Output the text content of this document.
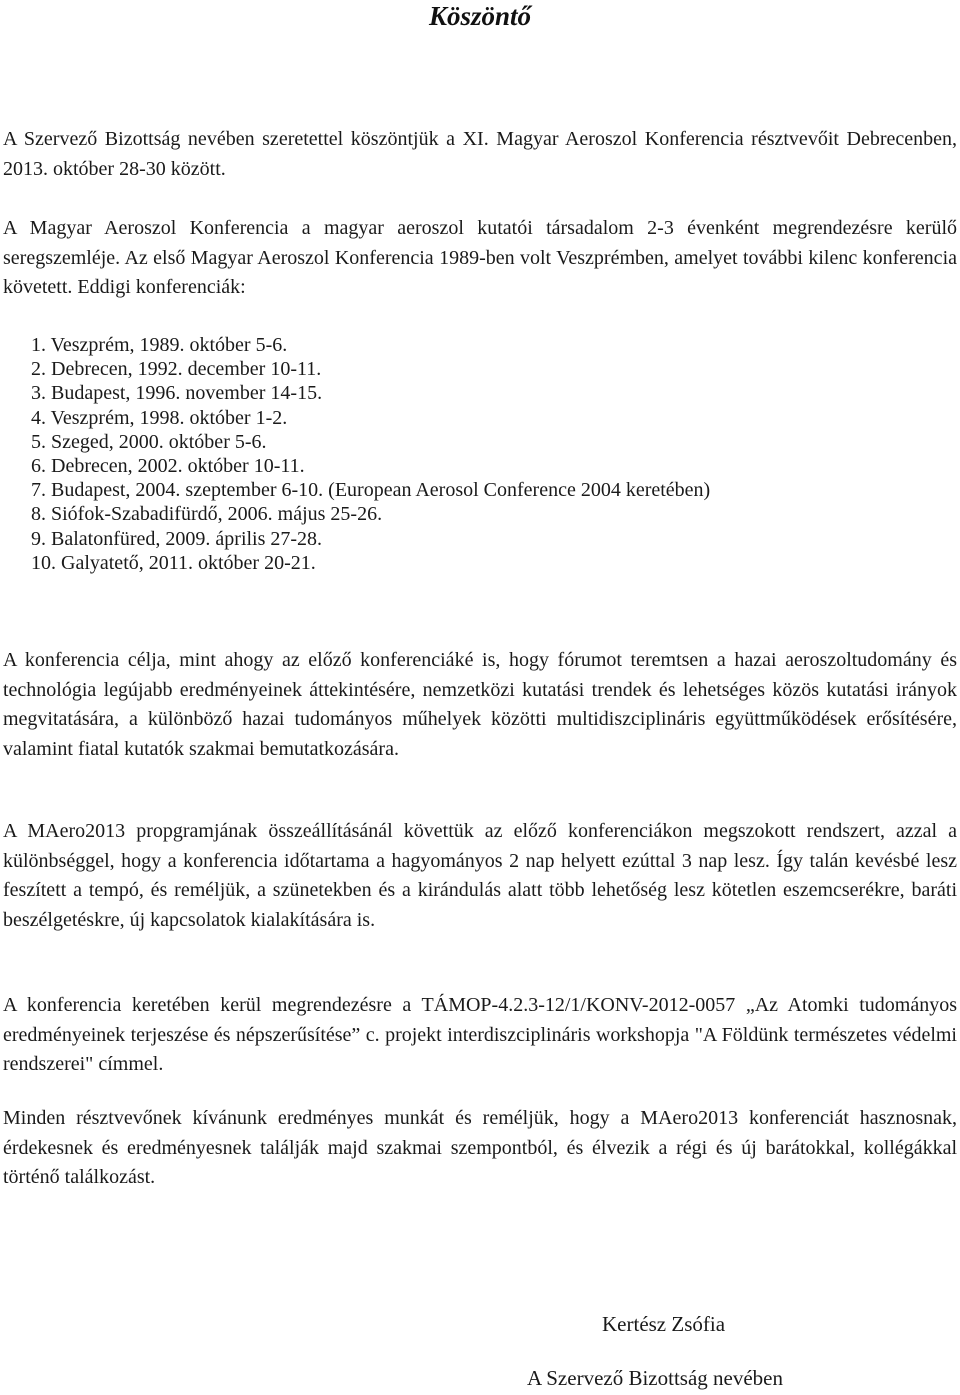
Köszöntő

A Szervező Bizottság nevében szeretettel köszöntjük a XI. Magyar Aeroszol Konferencia résztvevőit Debrecenben, 2013. október 28-30 között.

A Magyar Aeroszol Konferencia a magyar aeroszol kutatói társadalom 2-3 évenként megrendezésre kerülő seregszemléje. Az első Magyar Aeroszol Konferencia 1989-ben volt Veszprémben, amelyet további kilenc konferencia követett. Eddigi konferenciák:

1. Veszprém, 1989. október 5-6.
2. Debrecen, 1992. december 10-11.
3. Budapest, 1996. november 14-15.
4. Veszprém, 1998. október 1-2.
5. Szeged, 2000. október 5-6.
6. Debrecen, 2002. október 10-11.
7. Budapest, 2004. szeptember 6-10. (European Aerosol Conference 2004 keretében)
8. Siófok-Szabadifürdő, 2006. május 25-26.
9. Balatonfüred, 2009. április 27-28.
10. Galyatető, 2011. október 20-21.

A konferencia célja, mint ahogy az előző konferenciáké is, hogy fórumot teremtsen a hazai aeroszoltudomány és technológia legújabb eredményeinek áttekintésére, nemzetközi kutatási trendek és lehetséges közös kutatási irányok megvitatására, a különböző hazai tudományos műhelyek közötti multidiszciplináris együttműködések erősítésére, valamint fiatal kutatók szakmai bemutatkozására.

A MAero2013 propgramjának összeállításánál követtük az előző konferenciákon megszokott rendszert, azzal a különbséggel, hogy a konferencia időtartama a hagyományos 2 nap helyett ezúttal 3 nap lesz. Így talán kevésbé lesz feszített a tempó, és reméljük, a szünetekben és a kirándulás alatt több lehetőség lesz kötetlen eszemcserékre, baráti beszélgetéskre, új kapcsolatok kialakítására is.

A konferencia keretében kerül megrendezésre a TÁMOP-4.2.3-12/1/KONV-2012-0057 „Az Atomki tudományos eredményeinek terjeszése és népszerűsítése” c. projekt interdiszciplináris workshopja "A Földünk természetes védelmi rendszerei" címmel.

Minden résztvevőnek kívánunk eredményes munkát és reméljük, hogy a MAero2013 konferenciát hasznosnak, érdekesnek és eredményesnek találják majd szakmai szempontból, és élvezik a régi és új barátokkal, kollégákkal történő találkozást.

Kertész Zsófia
A Szervező Bizottság nevében
